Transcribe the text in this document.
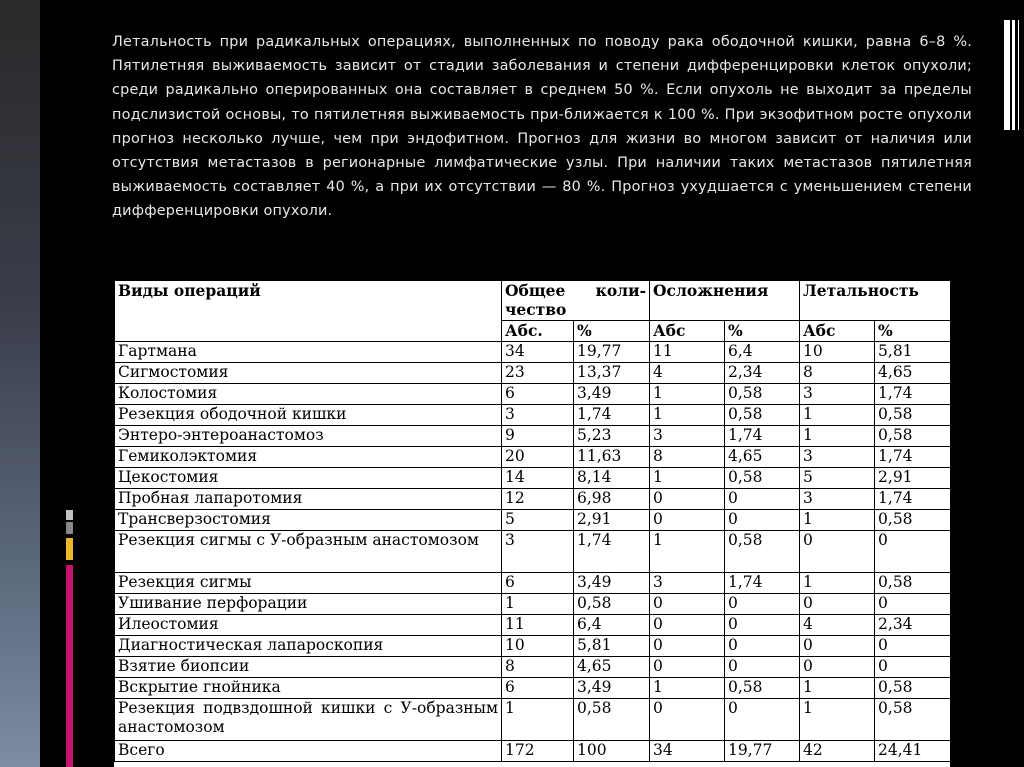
Летальность при радикальных операциях, выполненных по поводу рака ободочной кишки, равна 6–8 %. Пятилетняя выживаемость зависит от стадии заболевания и степени дифференцировки клеток опухоли; среди радикально оперированных она составляет в среднем 50 %. Если опухоль не выходит за пределы подслизистой основы, то пятилетняя выживаемость при-ближается к 100 %. При экзофитном росте опухоли прогноз несколько лучше, чем при эндофитном. Прогноз для жизни во многом зависит от наличия или отсутствия метастазов в регионарные лимфатические узлы. При наличии таких метастазов пятилетняя выживаемость составляет 40 %, а при их отсутствии — 80 %. Прогноз ухудшается с уменьшением степени дифференцировки опухоли.
Виды операций	Общее коли-чество		Осложнения		Летальность	
	Абс.	%	Абс	%	Абс	%
Гартмана	34	19,77	11	6,4	10	5,81
Сигмостомия	23	13,37	4	2,34	8	4,65
Колостомия	6	3,49	1	0,58	3	1,74
Резекция ободочной кишки	3	1,74	1	0,58	1	0,58
Энтеро-энтероанастомоз	9	5,23	3	1,74	1	0,58
Гемиколэктомия	20	11,63	8	4,65	3	1,74
Цекостомия	14	8,14	1	0,58	5	2,91
Пробная лапаротомия	12	6,98	0	0	3	1,74
Трансверзостомия	5	2,91	0	0	1	0,58
Резекция сигмы с У-образным анастомозом	3	1,74	1	0,58	0	0
Резекция сигмы	6	3,49	3	1,74	1	0,58
Ушивание перфорации	1	0,58	0	0	0	0
Илеостомия	11	6,4	0	0	4	2,34
Диагностическая лапароскопия	10	5,81	0	0	0	0
Взятие биопсии	8	4,65	0	0	0	0
Вскрытие гнойника	6	3,49	1	0,58	1	0,58
Резекция подвздошной кишки с У-образным анастомозом	1	0,58	0	0	1	0,58
Всего	172	100	34	19,77	42	24,41
